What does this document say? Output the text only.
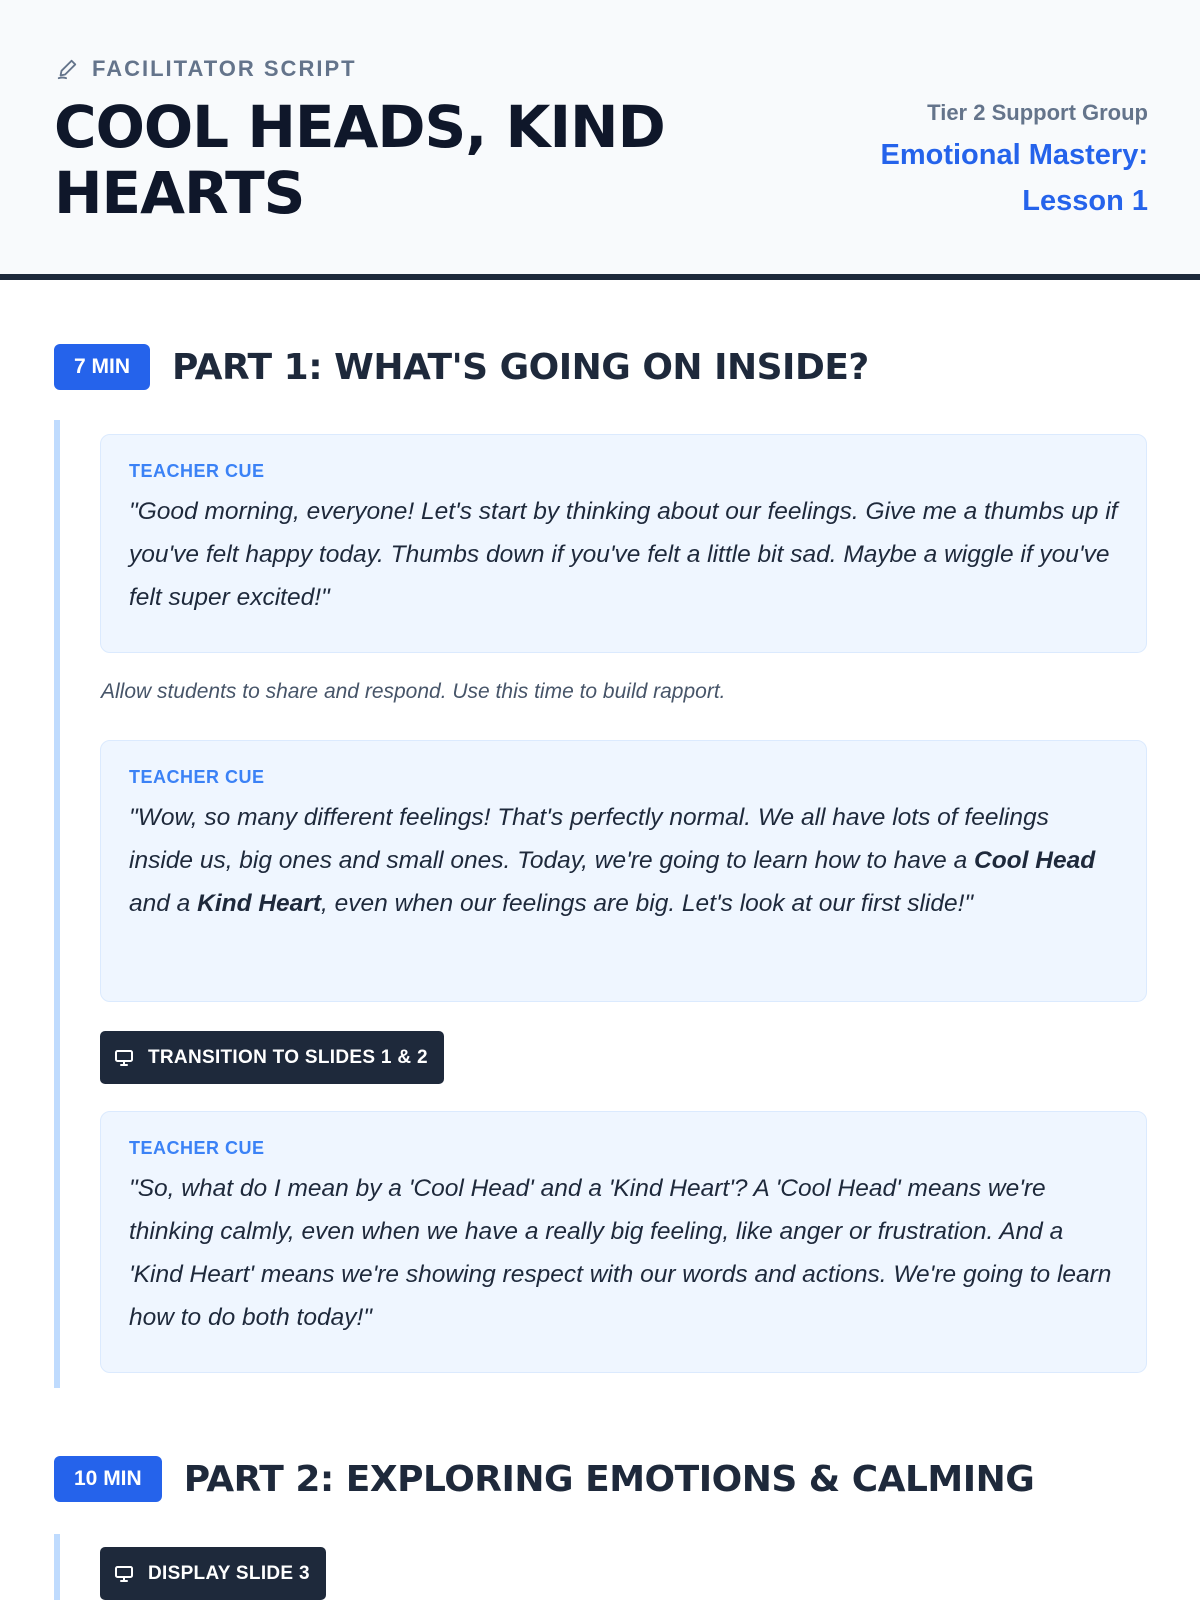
FACILITATOR SCRIPT
COOL HEADS, KIND HEARTS
Tier 2 Support Group
Emotional Mastery: Lesson 1
7 MIN	PART 1: WHAT'S GOING ON INSIDE?
TEACHER CUE
"Good morning, everyone! Let's start by thinking about our feelings. Give me a thumbs up if you've felt happy today. Thumbs down if you've felt a little bit sad. Maybe a wiggle if you've felt super excited!"
Allow students to share and respond. Use this time to build rapport.
TEACHER CUE
"Wow, so many different feelings! That's perfectly normal. We all have lots of feelings inside us, big ones and small ones. Today, we're going to learn how to have a Cool Head and a Kind Heart, even when our feelings are big. Let's look at our first slide!"
TRANSITION TO SLIDES 1 & 2
TEACHER CUE
"So, what do I mean by a 'Cool Head' and a 'Kind Heart'? A 'Cool Head' means we're thinking calmly, even when we have a really big feeling, like anger or frustration. And a 'Kind Heart' means we're showing respect with our words and actions. We're going to learn how to do both today!"
10 MIN	PART 2: EXPLORING EMOTIONS & CALMING
DISPLAY SLIDE 3
